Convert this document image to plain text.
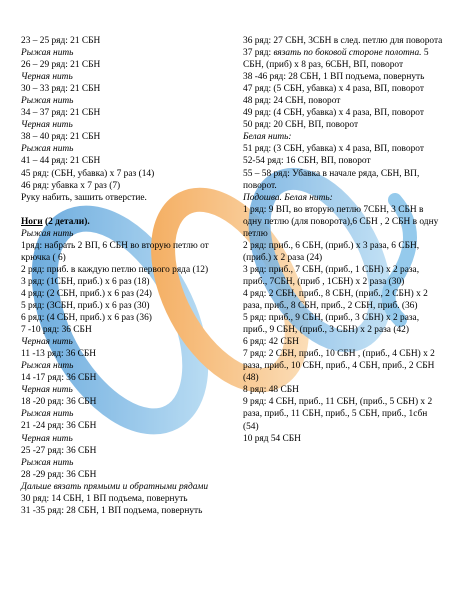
23 – 25 ряд: 21 СБН
Рыжая нить
26 – 29 ряд: 21 СБН
Черная нить
30 – 33 ряд: 21 СБН
Рыжая нить
34 – 37 ряд: 21 СБН
Черная нить
38 – 40 ряд: 21 СБН
Рыжая нить
41 – 44 ряд: 21 СБН
45 ряд: (СБН, убавка) х 7 раз (14)
46 ряд: убавка х 7 раз (7)
Руку набить, зашить отверстие.
Ноги (2 детали).
Рыжая нить
1ряд: набрать 2 ВП, 6 СБН во вторую петлю от крючка ( 6)
2 ряд: приб. в каждую петлю первого ряда (12)
3 ряд: (1СБН, приб.) х 6 раз (18)
4 ряд: (2 СБН, приб.) х 6 раз (24)
5 ряд: (3СБН, приб.) х 6 раз (30)
6 ряд: (4 СБН, приб.) х 6 раз (36)
7 -10 ряд: 36 СБН
Черная нить
11 -13 ряд: 36 СБН
Рыжая нить
14 -17 ряд: 36 СБН
Черная нить
18 -20 ряд: 36 СБН
Рыжая нить
21 -24 ряд: 36 СБН
Черная нить
25 -27 ряд: 36 СБН
Рыжая нить
28 -29 ряд: 36 СБН
Дальше вязать прямыми и обратными рядами
30 ряд: 14 СБН, 1 ВП подъема, повернуть
31 -35 ряд: 28 СБН, 1 ВП подъема, повернуть
36 ряд: 27 СБН, 3СБН в след. петлю для поворота
37 ряд: вязать по боковой стороне полотна. 5 СБН, (приб) х 8 раз, 6СБН, ВП, поворот
38 -46 ряд: 28 СБН, 1 ВП подъема, повернуть
47 ряд: (5 СБН, убавка) х 4 раза, ВП, поворот
48 ряд: 24 СБН, поворот
49 ряд: (4 СБН, убавка) х 4 раза, ВП, поворот
50 ряд: 20 СБН, ВП, поворот
Белая нить:
51 ряд: (3 СБН, убавка) х 4 раза, ВП, поворот
52-54 ряд: 16 СБН, ВП, поворот
55 – 58 ряд: Убавка в начале ряда, СБН, ВП, поворот.
Подошва. Белая нить:
1 ряд: 9 ВП, во вторую петлю 7СБН, 3 СБН в одну петлю (для поворота),6 СБН , 2 СБН в одну петлю
2 ряд: приб., 6 СБН, (приб.) х 3 раза, 6 СБН, (приб.) х 2 раза (24)
3 ряд: приб., 7 СБН, (приб., 1 СБН) х 2 раза, приб., 7СБН, (приб , 1СБН) х 2 раза (30)
4 ряд: 2 СБН, приб., 8 СБН, (приб., 2 СБН) х 2 раза, приб., 8 СБН, приб., 2 СБН, приб. (36)
5 ряд: приб., 9 СБН, (приб., 3 СБН) х 2 раза, приб., 9 СБН, (приб., 3 СБН) х 2 раза (42)
6 ряд: 42 СБН
7 ряд: 2 СБН, приб., 10 СБН , (приб., 4 СБН) х 2 раза, приб., 10 СБН, приб., 4 СБН, приб., 2 СБН (48)
8 ряд: 48 СБН
9 ряд: 4 СБН, приб., 11 СБН, (приб., 5 СБН) х 2 раза, приб., 11 СБН, приб., 5 СБН, приб., 1сбн (54)
10 ряд 54 СБН
